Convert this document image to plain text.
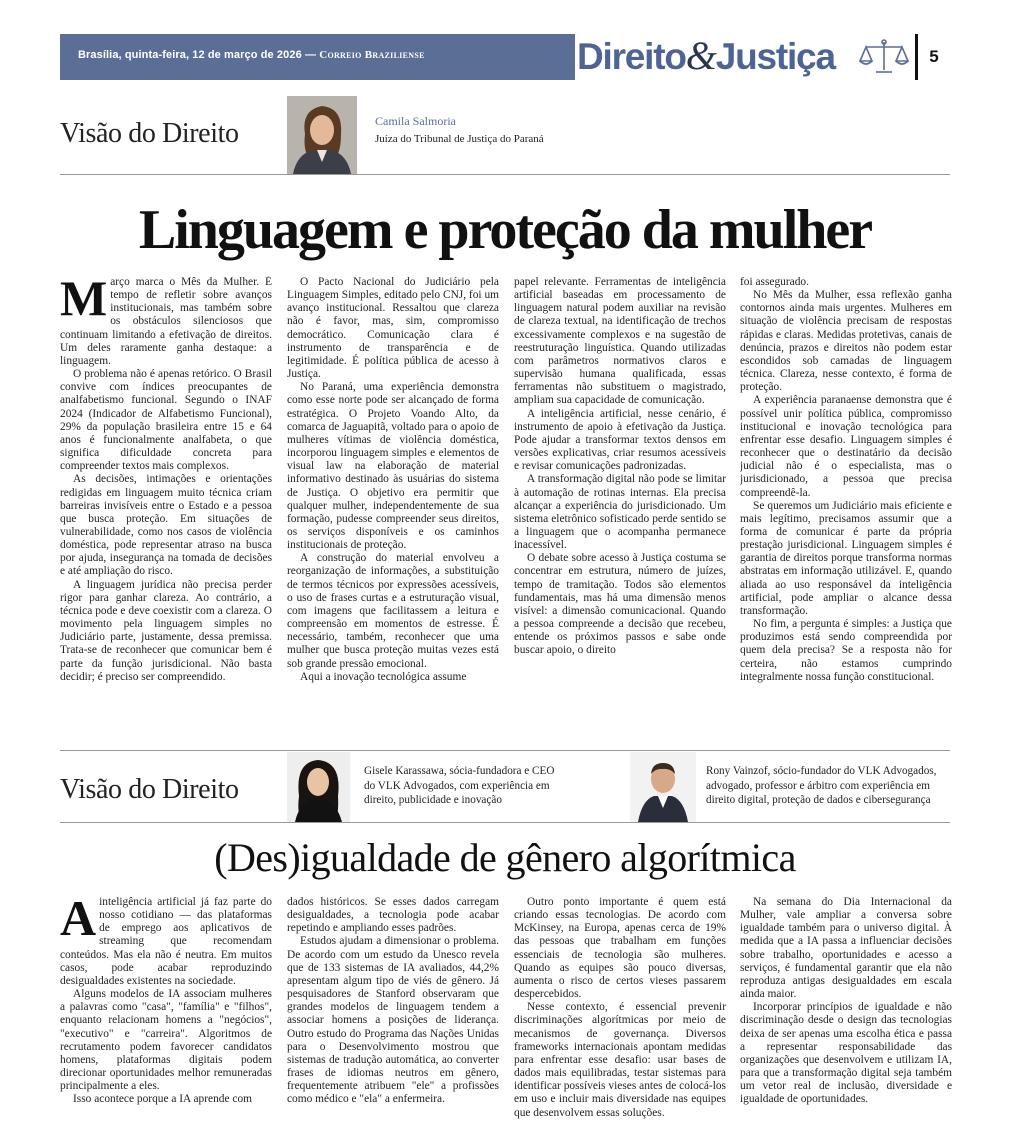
Brasília, quinta-feira, 12 de março de 2026 — Correio Braziliense	Direito&Justiça	5
Visão do Direito	Camila Salmoria
Juíza do Tribunal de Justiça do Paraná
Linguagem e proteção da mulher
M arço marca o Mês da Mulher. É tempo de refletir sobre avanços institucionais, mas também sobre os obstáculos silenciosos que continuam limitando a efetivação de direitos. Um deles raramente ganha destaque: a linguagem.

O problema não é apenas retórico. O Brasil convive com índices preocupantes de analfabetismo funcional. Segundo o INAF 2024 (Indicador de Alfabetismo Funcional), 29% da população brasileira entre 15 e 64 anos é funcionalmente analfabeta, o que significa dificuldade concreta para compreender textos mais complexos.

As decisões, intimações e orientações redigidas em linguagem muito técnica criam barreiras invisíveis entre o Estado e a pessoa que busca proteção. Em situações de vulnerabilidade, como nos casos de violência doméstica, pode representar atraso na busca por ajuda, insegurança na tomada de decisões e até ampliação do risco.

A linguagem jurídica não precisa perder rigor para ganhar clareza. Ao contrário, a técnica pode e deve coexistir com a clareza. O movimento pela linguagem simples no Judiciário parte, justamente, dessa premissa. Trata-se de reconhecer que comunicar bem é parte da função jurisdicional. Não basta decidir; é preciso ser compreendido.

O Pacto Nacional do Judiciário pela Linguagem Simples, editado pelo CNJ, foi um avanço institucional. Ressaltou que clareza não é favor, mas, sim, compromisso democrático. Comunicação clara é instrumento de transparência e de legitimidade. É política pública de acesso à Justiça.

No Paraná, uma experiência demonstra como esse norte pode ser alcançado de forma estratégica. O Projeto Voando Alto, da comarca de Jaguapitã, voltado para o apoio de mulheres vítimas de violência doméstica, incorporou linguagem simples e elementos de visual law na elaboração de material informativo destinado às usuárias do sistema de Justiça. O objetivo era permitir que qualquer mulher, independentemente de sua formação, pudesse compreender seus direitos, os serviços disponíveis e os caminhos institucionais de proteção.

A construção do material envolveu a reorganização de informações, a substituição de termos técnicos por expressões acessíveis, o uso de frases curtas e a estruturação visual, com imagens que facilitassem a leitura e compreensão em momentos de estresse. É necessário, também, reconhecer que uma mulher que busca proteção muitas vezes está sob grande pressão emocional.

Aqui a inovação tecnológica assume

papel relevante. Ferramentas de inteligência artificial baseadas em processamento de linguagem natural podem auxiliar na revisão de clareza textual, na identificação de trechos excessivamente complexos e na sugestão de reestruturação linguística. Quando utilizadas com parâmetros normativos claros e supervisão humana qualificada, essas ferramentas não substituem o magistrado, ampliam sua capacidade de comunicação.

A inteligência artificial, nesse cenário, é instrumento de apoio à efetivação da Justiça. Pode ajudar a transformar textos densos em versões explicativas, criar resumos acessíveis e revisar comunicações padronizadas.

A transformação digital não pode se limitar à automação de rotinas internas. Ela precisa alcançar a experiência do jurisdicionado. Um sistema eletrônico sofisticado perde sentido se a linguagem que o acompanha permanece inacessível.

O debate sobre acesso à Justiça costuma se concentrar em estrutura, número de juízes, tempo de tramitação. Todos são elementos fundamentais, mas há uma dimensão menos visível: a dimensão comunicacional. Quando a pessoa compreende a decisão que recebeu, entende os próximos passos e sabe onde buscar apoio, o direito

foi assegurado.

No Mês da Mulher, essa reflexão ganha contornos ainda mais urgentes. Mulheres em situação de violência precisam de respostas rápidas e claras. Medidas protetivas, canais de denúncia, prazos e direitos não podem estar escondidos sob camadas de linguagem técnica. Clareza, nesse contexto, é forma de proteção.

A experiência paranaense demonstra que é possível unir política pública, compromisso institucional e inovação tecnológica para enfrentar esse desafio. Linguagem simples é reconhecer que o destinatário da decisão judicial não é o especialista, mas o jurisdicionado, a pessoa que precisa compreendê-la.

Se queremos um Judiciário mais eficiente e mais legítimo, precisamos assumir que a forma de comunicar é parte da própria prestação jurisdicional. Linguagem simples é garantia de direitos porque transforma normas abstratas em informação utilizável. E, quando aliada ao uso responsável da inteligência artificial, pode ampliar o alcance dessa transformação.

No fim, a pergunta é simples: a Justiça que produzimos está sendo compreendida por quem dela precisa? Se a resposta não for certeira, não estamos cumprindo integralmente nossa função constitucional.

Visão do Direito
Gisele Karassawa, sócia-fundadora e CEO do VLK Advogados, com experiência em direito, publicidade e inovação
Rony Vainzof, sócio-fundador do VLK Advogados, advogado, professor e árbitro com experiência em direito digital, proteção de dados e cibersegurança
(Des)igualdade de gênero algorítmica
A inteligência artificial já faz parte do nosso cotidiano — das plataformas de emprego aos aplicativos de streaming que recomendam conteúdos. Mas ela não é neutra. Em muitos casos, pode acabar reproduzindo desigualdades existentes na sociedade.

Alguns modelos de IA associam mulheres a palavras como "casa", "família" e "filhos", enquanto relacionam homens a "negócios", "executivo" e "carreira". Algoritmos de recrutamento podem favorecer candidatos homens, plataformas digitais podem direcionar oportunidades melhor remuneradas principalmente a eles.

Isso acontece porque a IA aprende com

dados históricos. Se esses dados carregam desigualdades, a tecnologia pode acabar repetindo e ampliando esses padrões.

Estudos ajudam a dimensionar o problema. De acordo com um estudo da Unesco revela que de 133 sistemas de IA avaliados, 44,2% apresentam algum tipo de viés de gênero. Já pesquisadores de Stanford observaram que grandes modelos de linguagem tendem a associar homens a posições de liderança. Outro estudo do Programa das Nações Unidas para o Desenvolvimento mostrou que sistemas de tradução automática, ao converter frases de idiomas neutros em gênero, frequentemente atribuem "ele" a profissões como médico e "ela" a enfermeira.

Outro ponto importante é quem está criando essas tecnologias. De acordo com McKinsey, na Europa, apenas cerca de 19% das pessoas que trabalham em funções essenciais de tecnologia são mulheres. Quando as equipes são pouco diversas, aumenta o risco de certos vieses passarem despercebidos.

Nesse contexto, é essencial prevenir discriminações algorítmicas por meio de mecanismos de governança. Diversos frameworks internacionais apontam medidas para enfrentar esse desafio: usar bases de dados mais equilibradas, testar sistemas para identificar possíveis vieses antes de colocá-los em uso e incluir mais diversidade nas equipes que desenvolvem essas soluções.

Na semana do Dia Internacional da Mulher, vale ampliar a conversa sobre igualdade também para o universo digital. À medida que a IA passa a influenciar decisões sobre trabalho, oportunidades e acesso a serviços, é fundamental garantir que ela não reproduza antigas desigualdades em escala ainda maior.

Incorporar princípios de igualdade e não discriminação desde o design das tecnologias deixa de ser apenas uma escolha ética e passa a representar responsabilidade das organizações que desenvolvem e utilizam IA, para que a transformação digital seja também um vetor real de inclusão, diversidade e igualdade de oportunidades.
